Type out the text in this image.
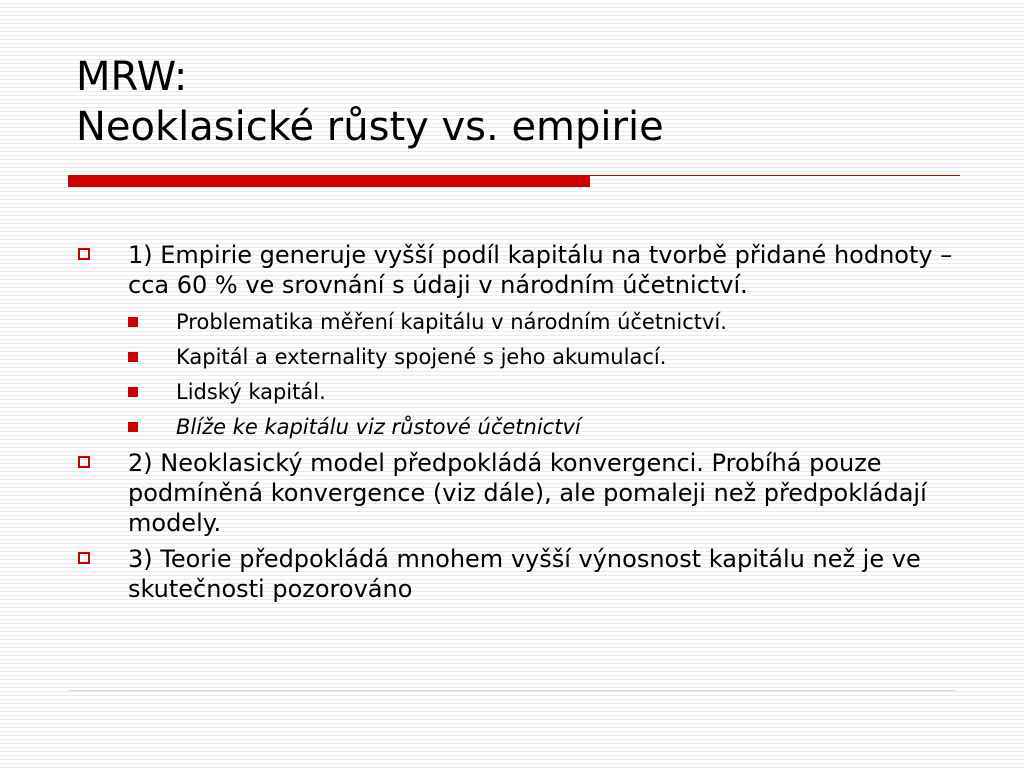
MRW:
Neoklasické růsty vs. empirie
1) Empirie generuje vyšší podíl kapitálu na tvorbě přidané hodnoty – cca 60 % ve srovnání s údaji v národním účetnictví.
Problematika měření kapitálu v národním účetnictví.
Kapitál a externality spojené s jeho akumulací.
Lidský kapitál.
Blíže ke kapitálu viz růstové účetnictví
2) Neoklasický model předpokládá konvergenci. Probíhá pouze podmíněná konvergence (viz dále), ale pomaleji než předpokládají modely.
3) Teorie předpokládá mnohem vyšší výnosnost kapitálu než je ve skutečnosti pozorováno
